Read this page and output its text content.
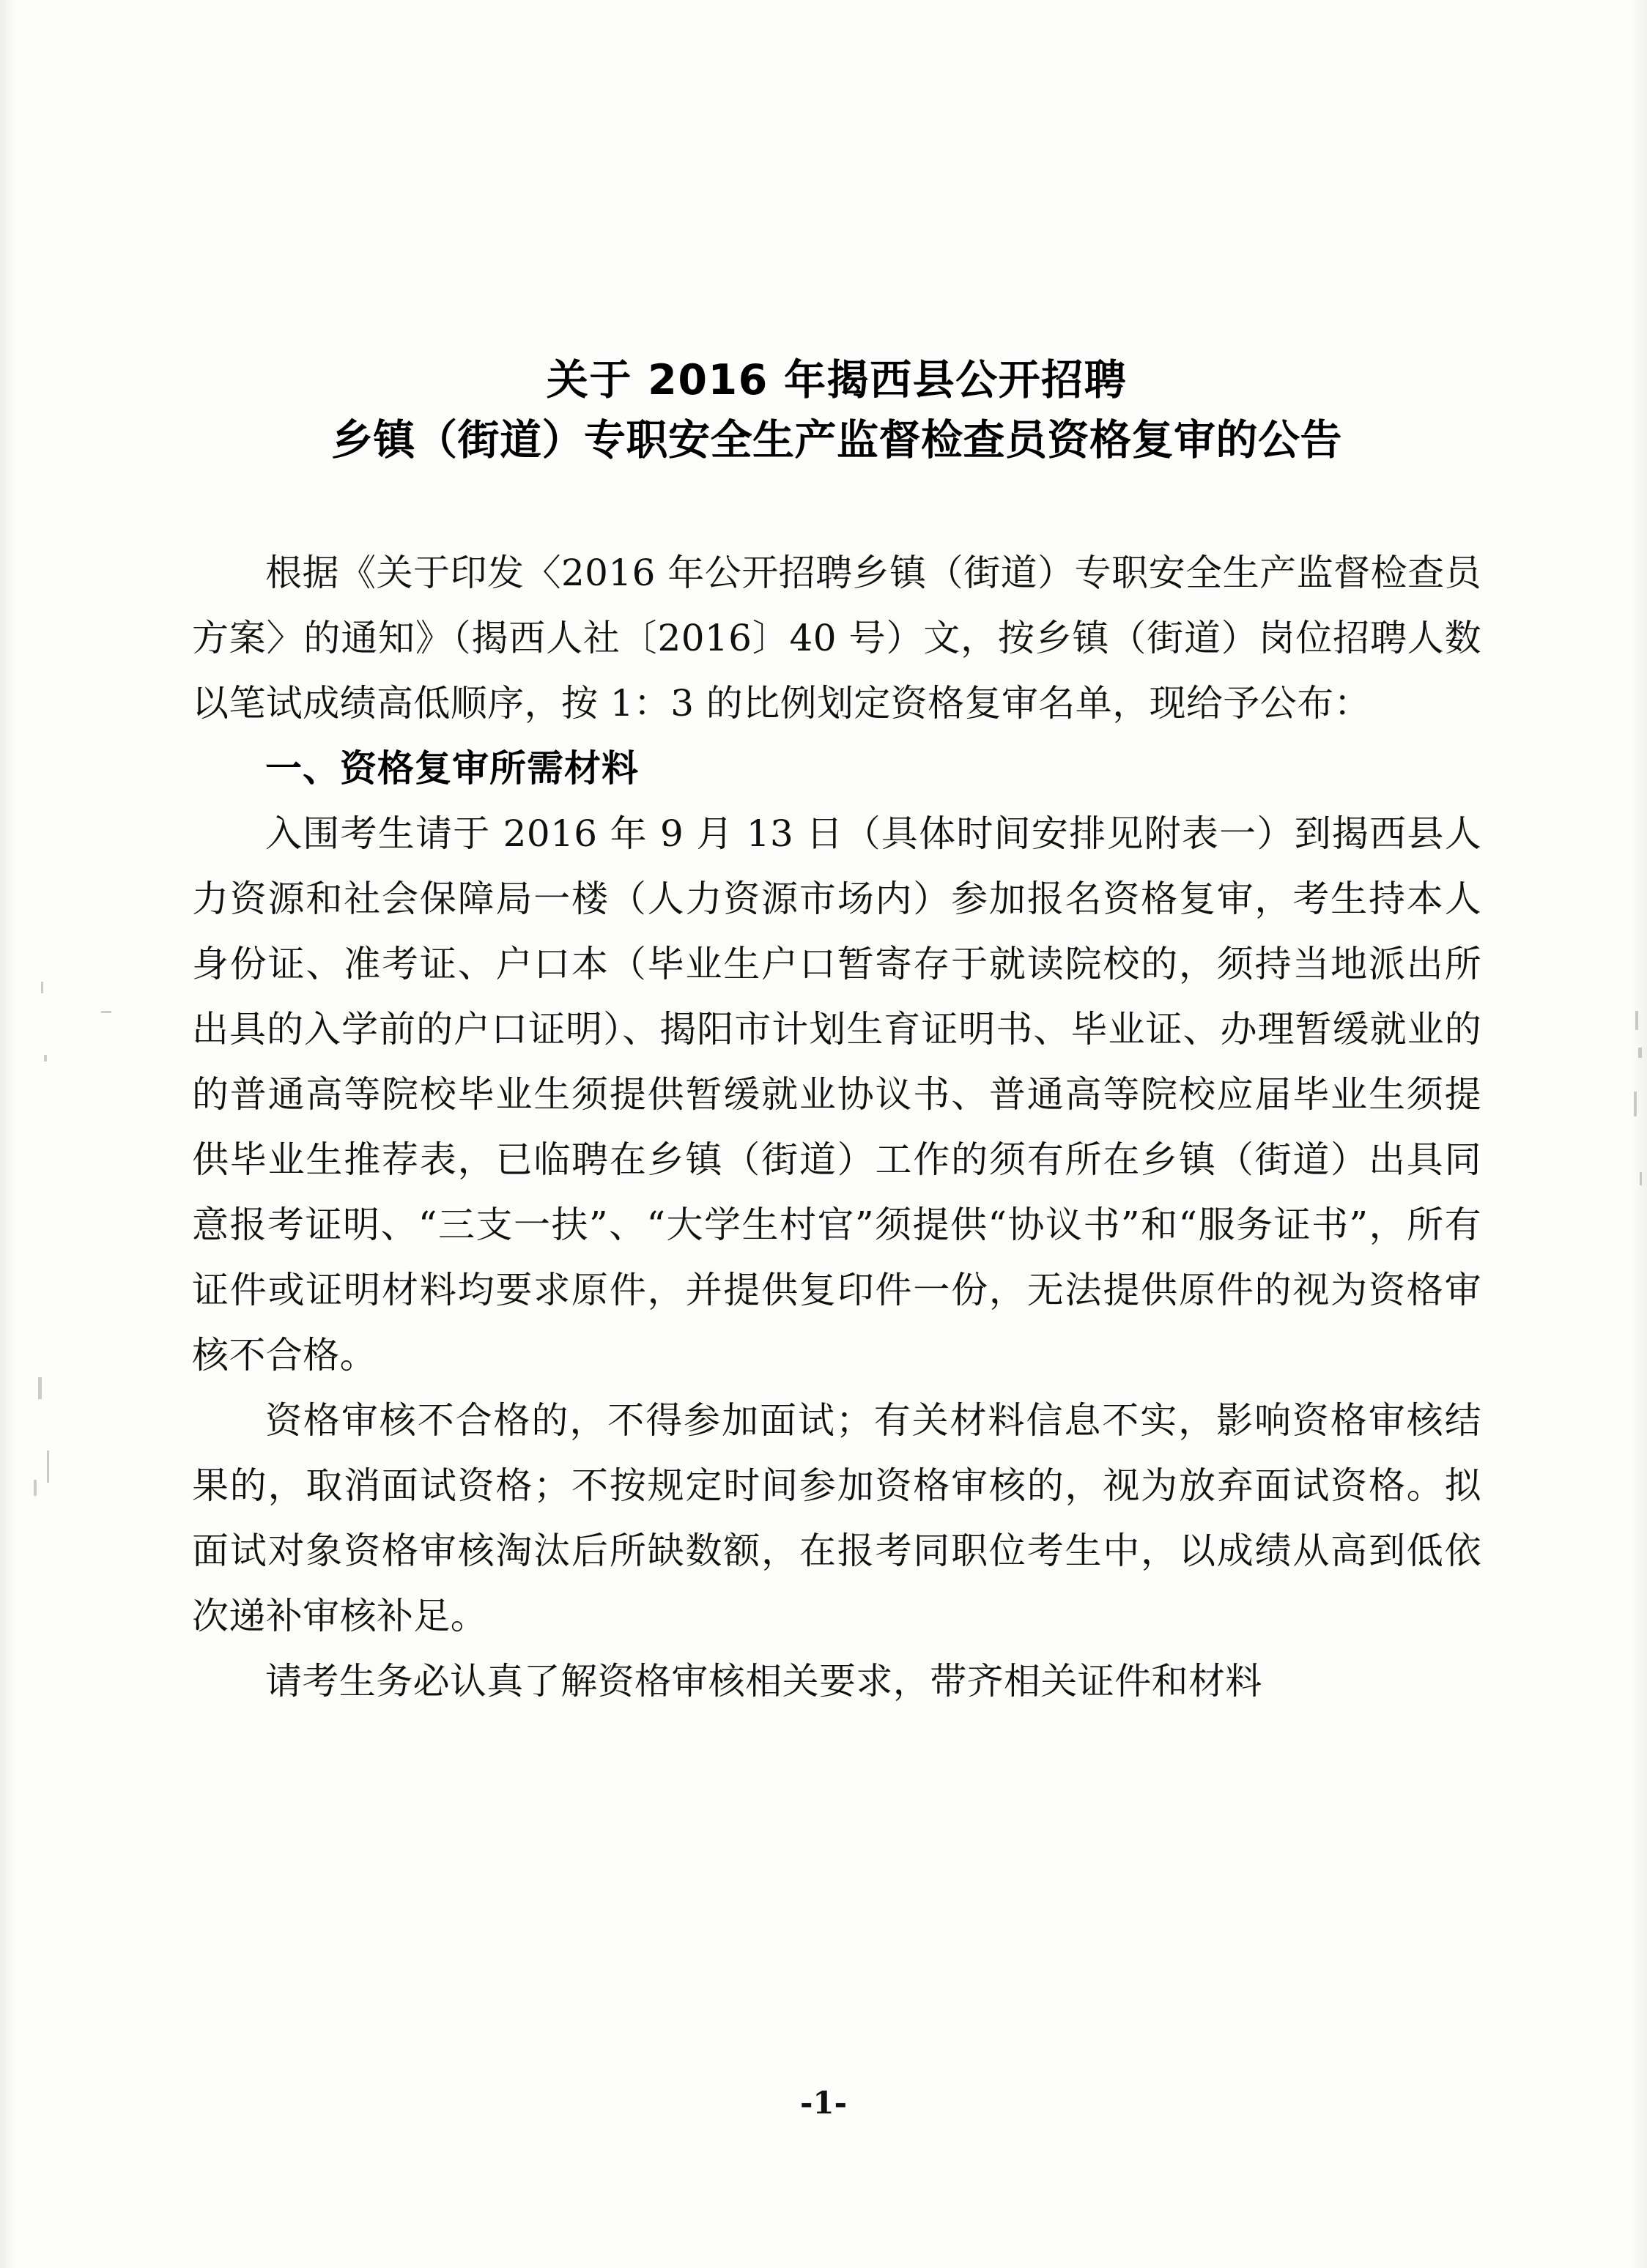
关于 2016 年揭西县公开招聘
乡镇（街道）专职安全生产监督检查员资格复审的公告

根据《关于印发〈2016 年公开招聘乡镇（街道）专职安全生产监督检查员方案〉的通知》（揭西人社〔2016〕40 号）文，按乡镇（街道）岗位招聘人数以笔试成绩高低顺序，按 1：3 的比例划定资格复审名单，现给予公布：

一、资格复审所需材料

入围考生请于 2016 年 9 月 13 日（具体时间安排见附表一）到揭西县人力资源和社会保障局一楼（人力资源市场内）参加报名资格复审，考生持本人身份证、准考证、户口本（毕业生户口暂寄存于就读院校的，须持当地派出所出具的入学前的户口证明）、揭阳市计划生育证明书、毕业证、办理暂缓就业的的普通高等院校毕业生须提供暂缓就业协议书、普通高等院校应届毕业生须提供毕业生推荐表，已临聘在乡镇（街道）工作的须有所在乡镇（街道）出具同意报考证明、“三支一扶”、“大学生村官”须提供“协议书”和“服务证书”，所有证件或证明材料均要求原件，并提供复印件一份，无法提供原件的视为资格审核不合格。

资格审核不合格的，不得参加面试；有关材料信息不实，影响资格审核结果的，取消面试资格；不按规定时间参加资格审核的，视为放弃面试资格。拟面试对象资格审核淘汰后所缺数额，在报考同职位考生中，以成绩从高到低依次递补审核补足。

请考生务必认真了解资格审核相关要求，带齐相关证件和材料

-1-
